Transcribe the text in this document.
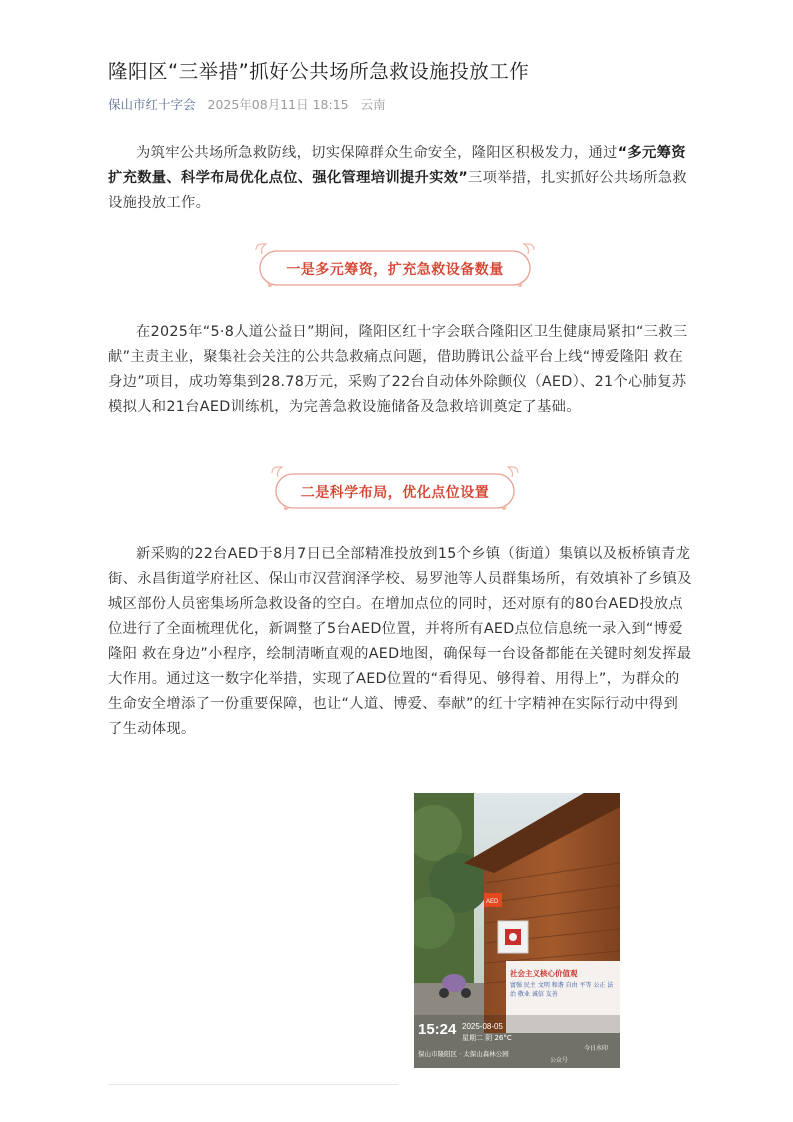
隆阳区“三举措”抓好公共场所急救设施投放工作
保山市红十字会 2025年08月11日 18:15 云南

为筑牢公共场所急救防线，切实保障群众生命安全，隆阳区积极发力，通过“多元筹资扩充数量、科学布局优化点位、强化管理培训提升实效”三项举措，扎实抓好公共场所急救设施投放工作。

一是多元筹资，扩充急救设备数量

在2025年“5·8人道公益日”期间，隆阳区红十字会联合隆阳区卫生健康局紧扣“三救三献”主责主业，聚集社会关注的公共急救痛点问题，借助腾讯公益平台上线“博爱隆阳 救在身边”项目，成功筹集到28.78万元，采购了22台自动体外除颤仪（AED）、21个心肺复苏模拟人和21台AED训练机，为完善急救设施储备及急救培训奠定了基础。

二是科学布局，优化点位设置

新采购的22台AED于8月7日已全部精准投放到15个乡镇（街道）集镇以及板桥镇青龙街、永昌街道学府社区、保山市汉营润泽学校、易罗池等人员群集场所，有效填补了乡镇及城区部份人员密集场所急救设备的空白。在增加点位的同时，还对原有的80台AED投放点位进行了全面梳理优化，新调整了5台AED位置，并将所有AED点位信息统一录入到“博爱隆阳 救在身边”小程序，绘制清晰直观的AED地图，确保每一台设备都能在关键时刻发挥最大作用。通过这一数字化举措，实现了AED位置的“看得见、够得着、用得上”，为群众的生命安全增添了一份重要保障，也让“人道、博爱、奉献”的红十字精神在实际行动中得到了生动体现。

AED
社会主义核心价值观
富强 民主 文明 和谐 自由 平等 公正 法治 敬业 诚信 友善
15:24 2025-08-05
星期二 阴 26°C
保山市隆阳区 · 太保山森林公园
今日水印
公众号
